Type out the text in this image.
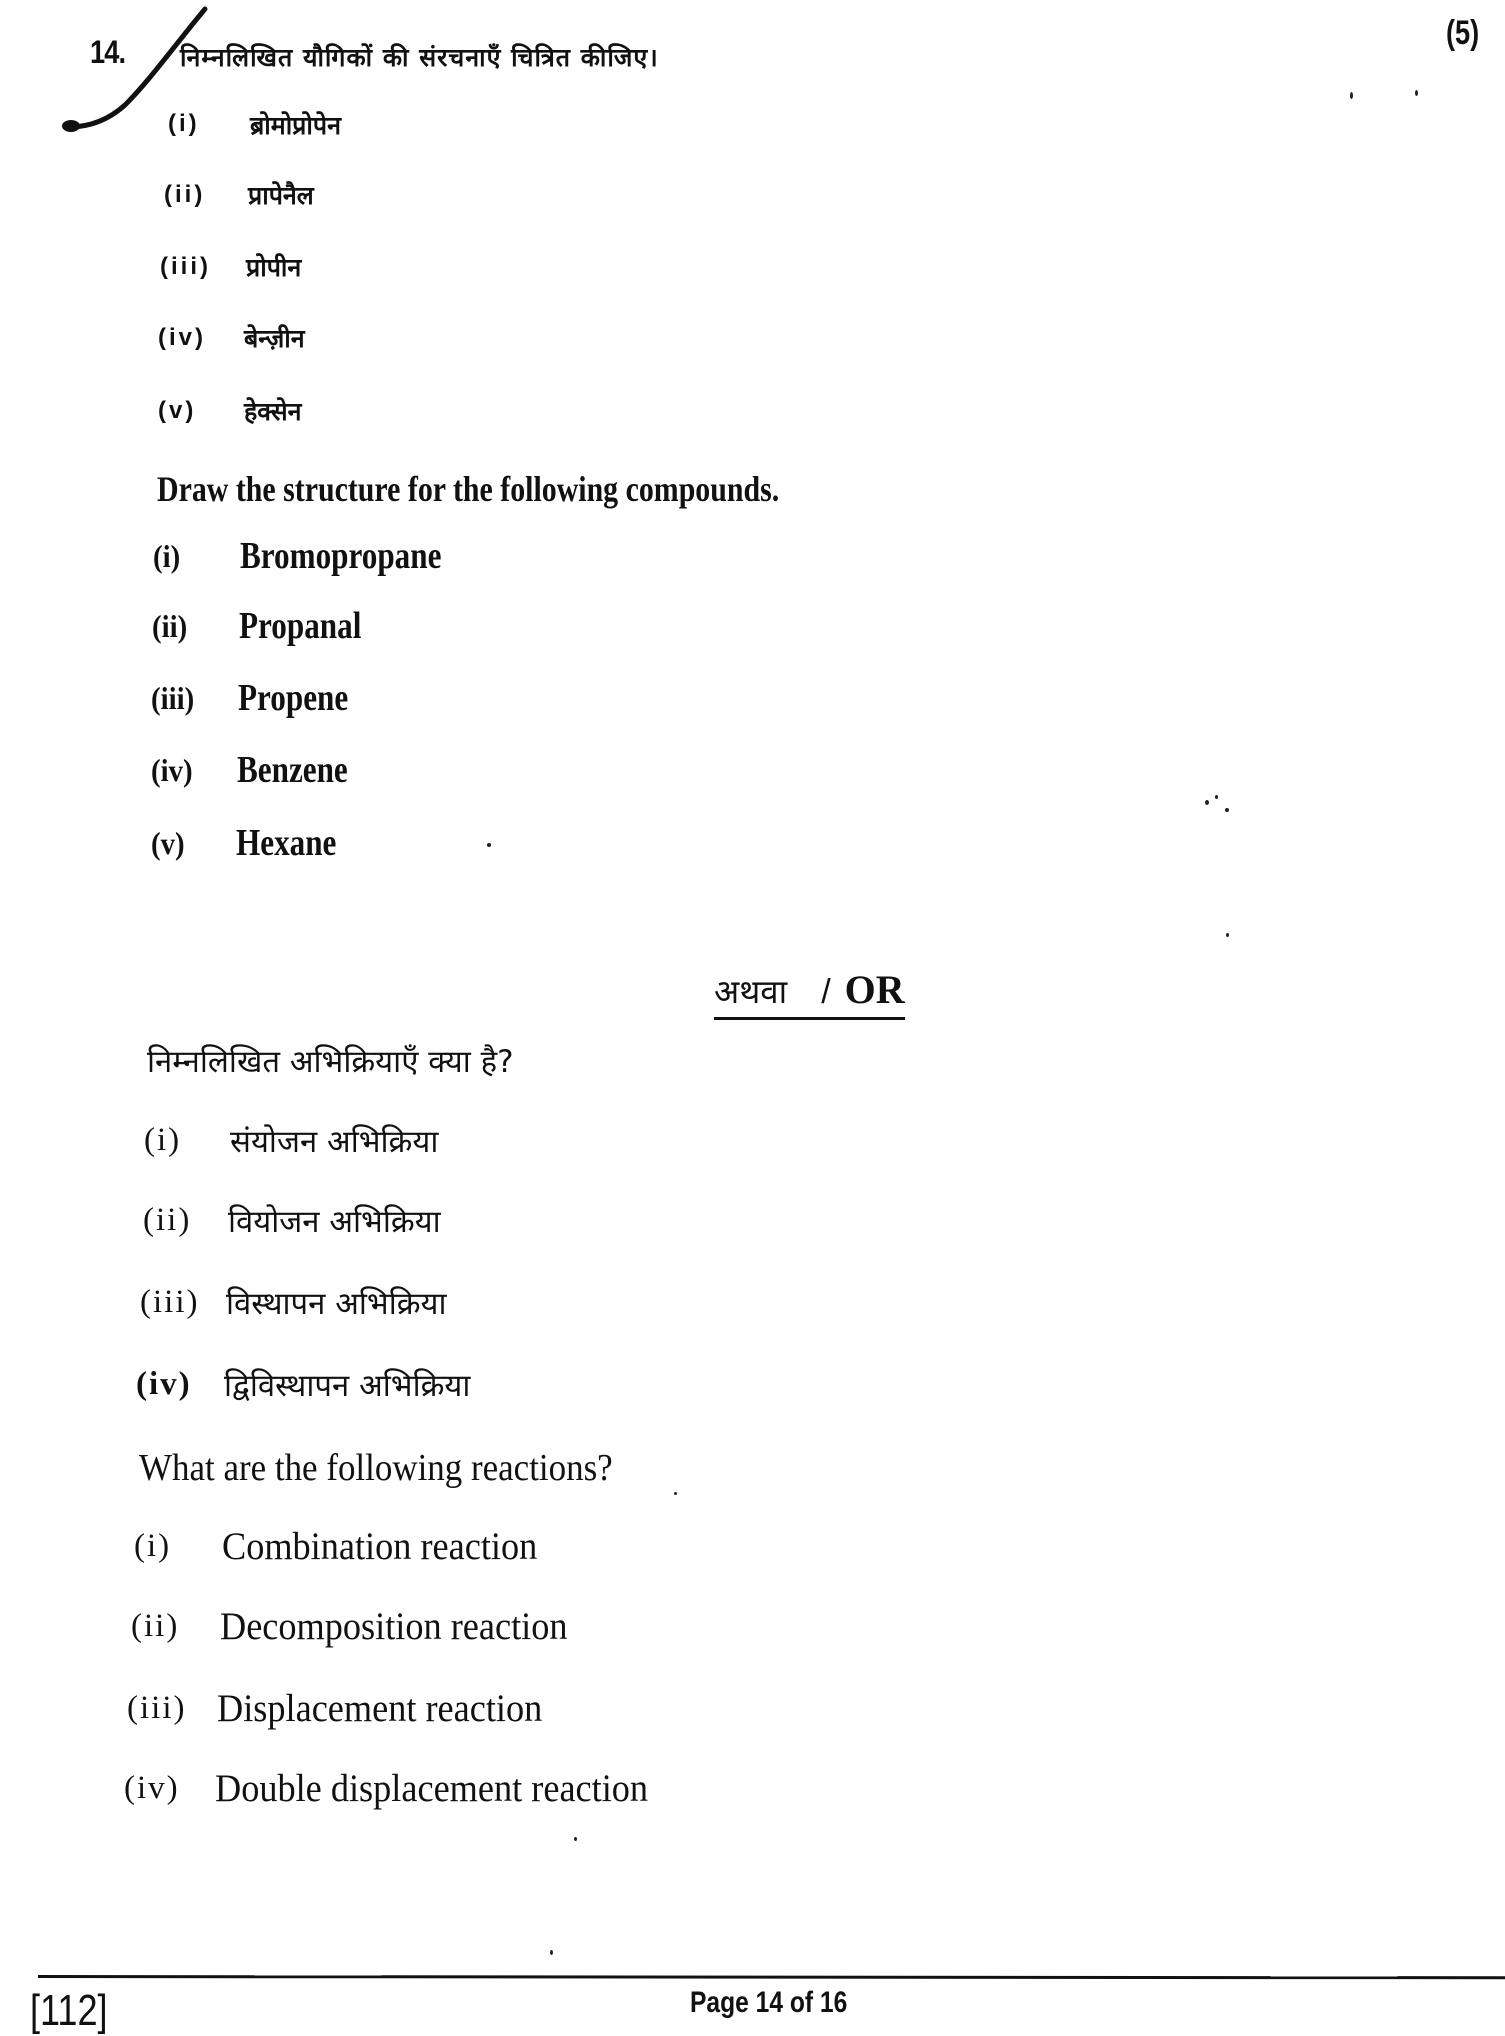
14.	(5)
निम्नलिखित यौगिकों की संरचनाएँ चित्रित कीजिए।
(i) ब्रोमोप्रोपेन
(ii) प्रापेनैल
(iii) प्रोपीन
(iv) बेन्ज़ीन
(v) हेक्सेन
Draw the structure for the following compounds.
(i) Bromopropane
(ii) Propanal
(iii) Propene
(iv) Benzene
(v) Hexane
अथवा / OR
निम्नलिखित अभिक्रियाएँ क्या है?
(i) संयोजन अभिक्रिया
(ii) वियोजन अभिक्रिया
(iii) विस्थापन अभिक्रिया
(iv) द्विविस्थापन अभिक्रिया
What are the following reactions?
(i) Combination reaction
(ii) Decomposition reaction
(iii) Displacement reaction
(iv) Double displacement reaction
[112]	Page 14 of 16
